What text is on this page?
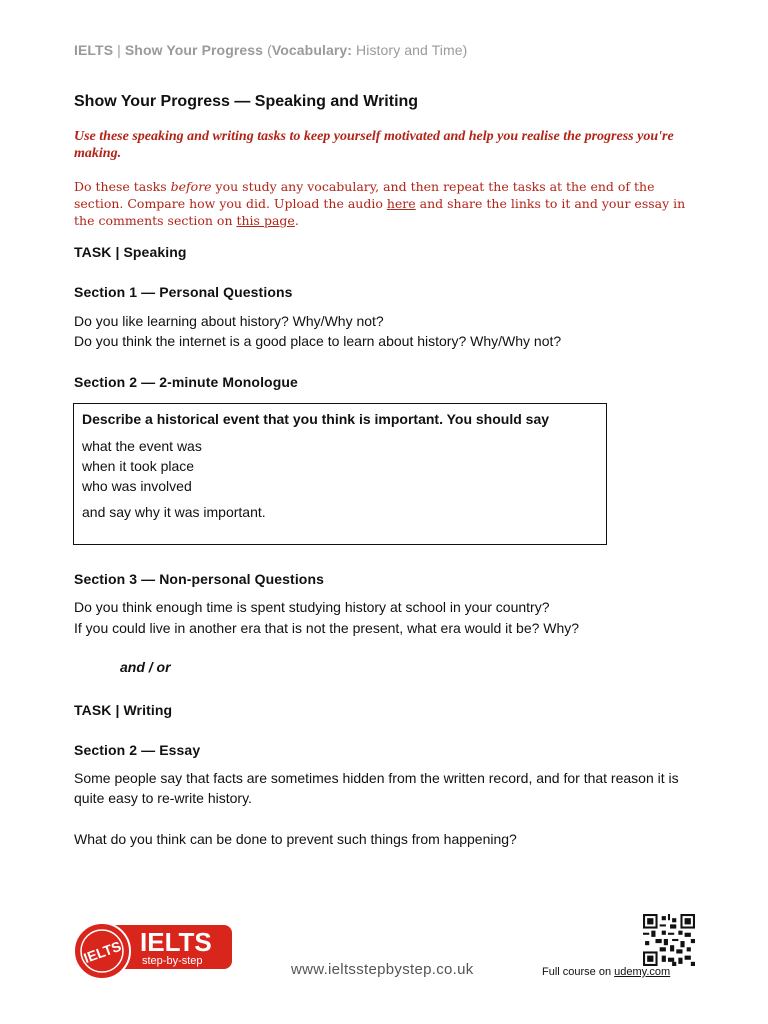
IELTS | Show Your Progress (Vocabulary: History and Time)
Show Your Progress — Speaking and Writing
Use these speaking and writing tasks to keep yourself motivated and help you realise the progress you're making.
Do these tasks before you study any vocabulary, and then repeat the tasks at the end of the section. Compare how you did. Upload the audio here and share the links to it and your essay in the comments section on this page.
TASK | Speaking
Section 1 — Personal Questions
Do you like learning about history? Why/Why not?
Do you think the internet is a good place to learn about history? Why/Why not?
Section 2 — 2-minute Monologue
Describe a historical event that you think is important. You should say
what the event was
when it took place
who was involved
and say why it was important.
Section 3 — Non-personal Questions
Do you think enough time is spent studying history at school in your country?
If you could live in another era that is not the present, what era would it be? Why?
and / or
TASK | Writing
Section 2 — Essay
Some people say that facts are sometimes hidden from the written record, and for that reason it is quite easy to re-write history.
What do you think can be done to prevent such things from happening?
IELTS IELTS
step-by-step	www.ieltsstepbystep.co.uk	Full course on udemy.com
